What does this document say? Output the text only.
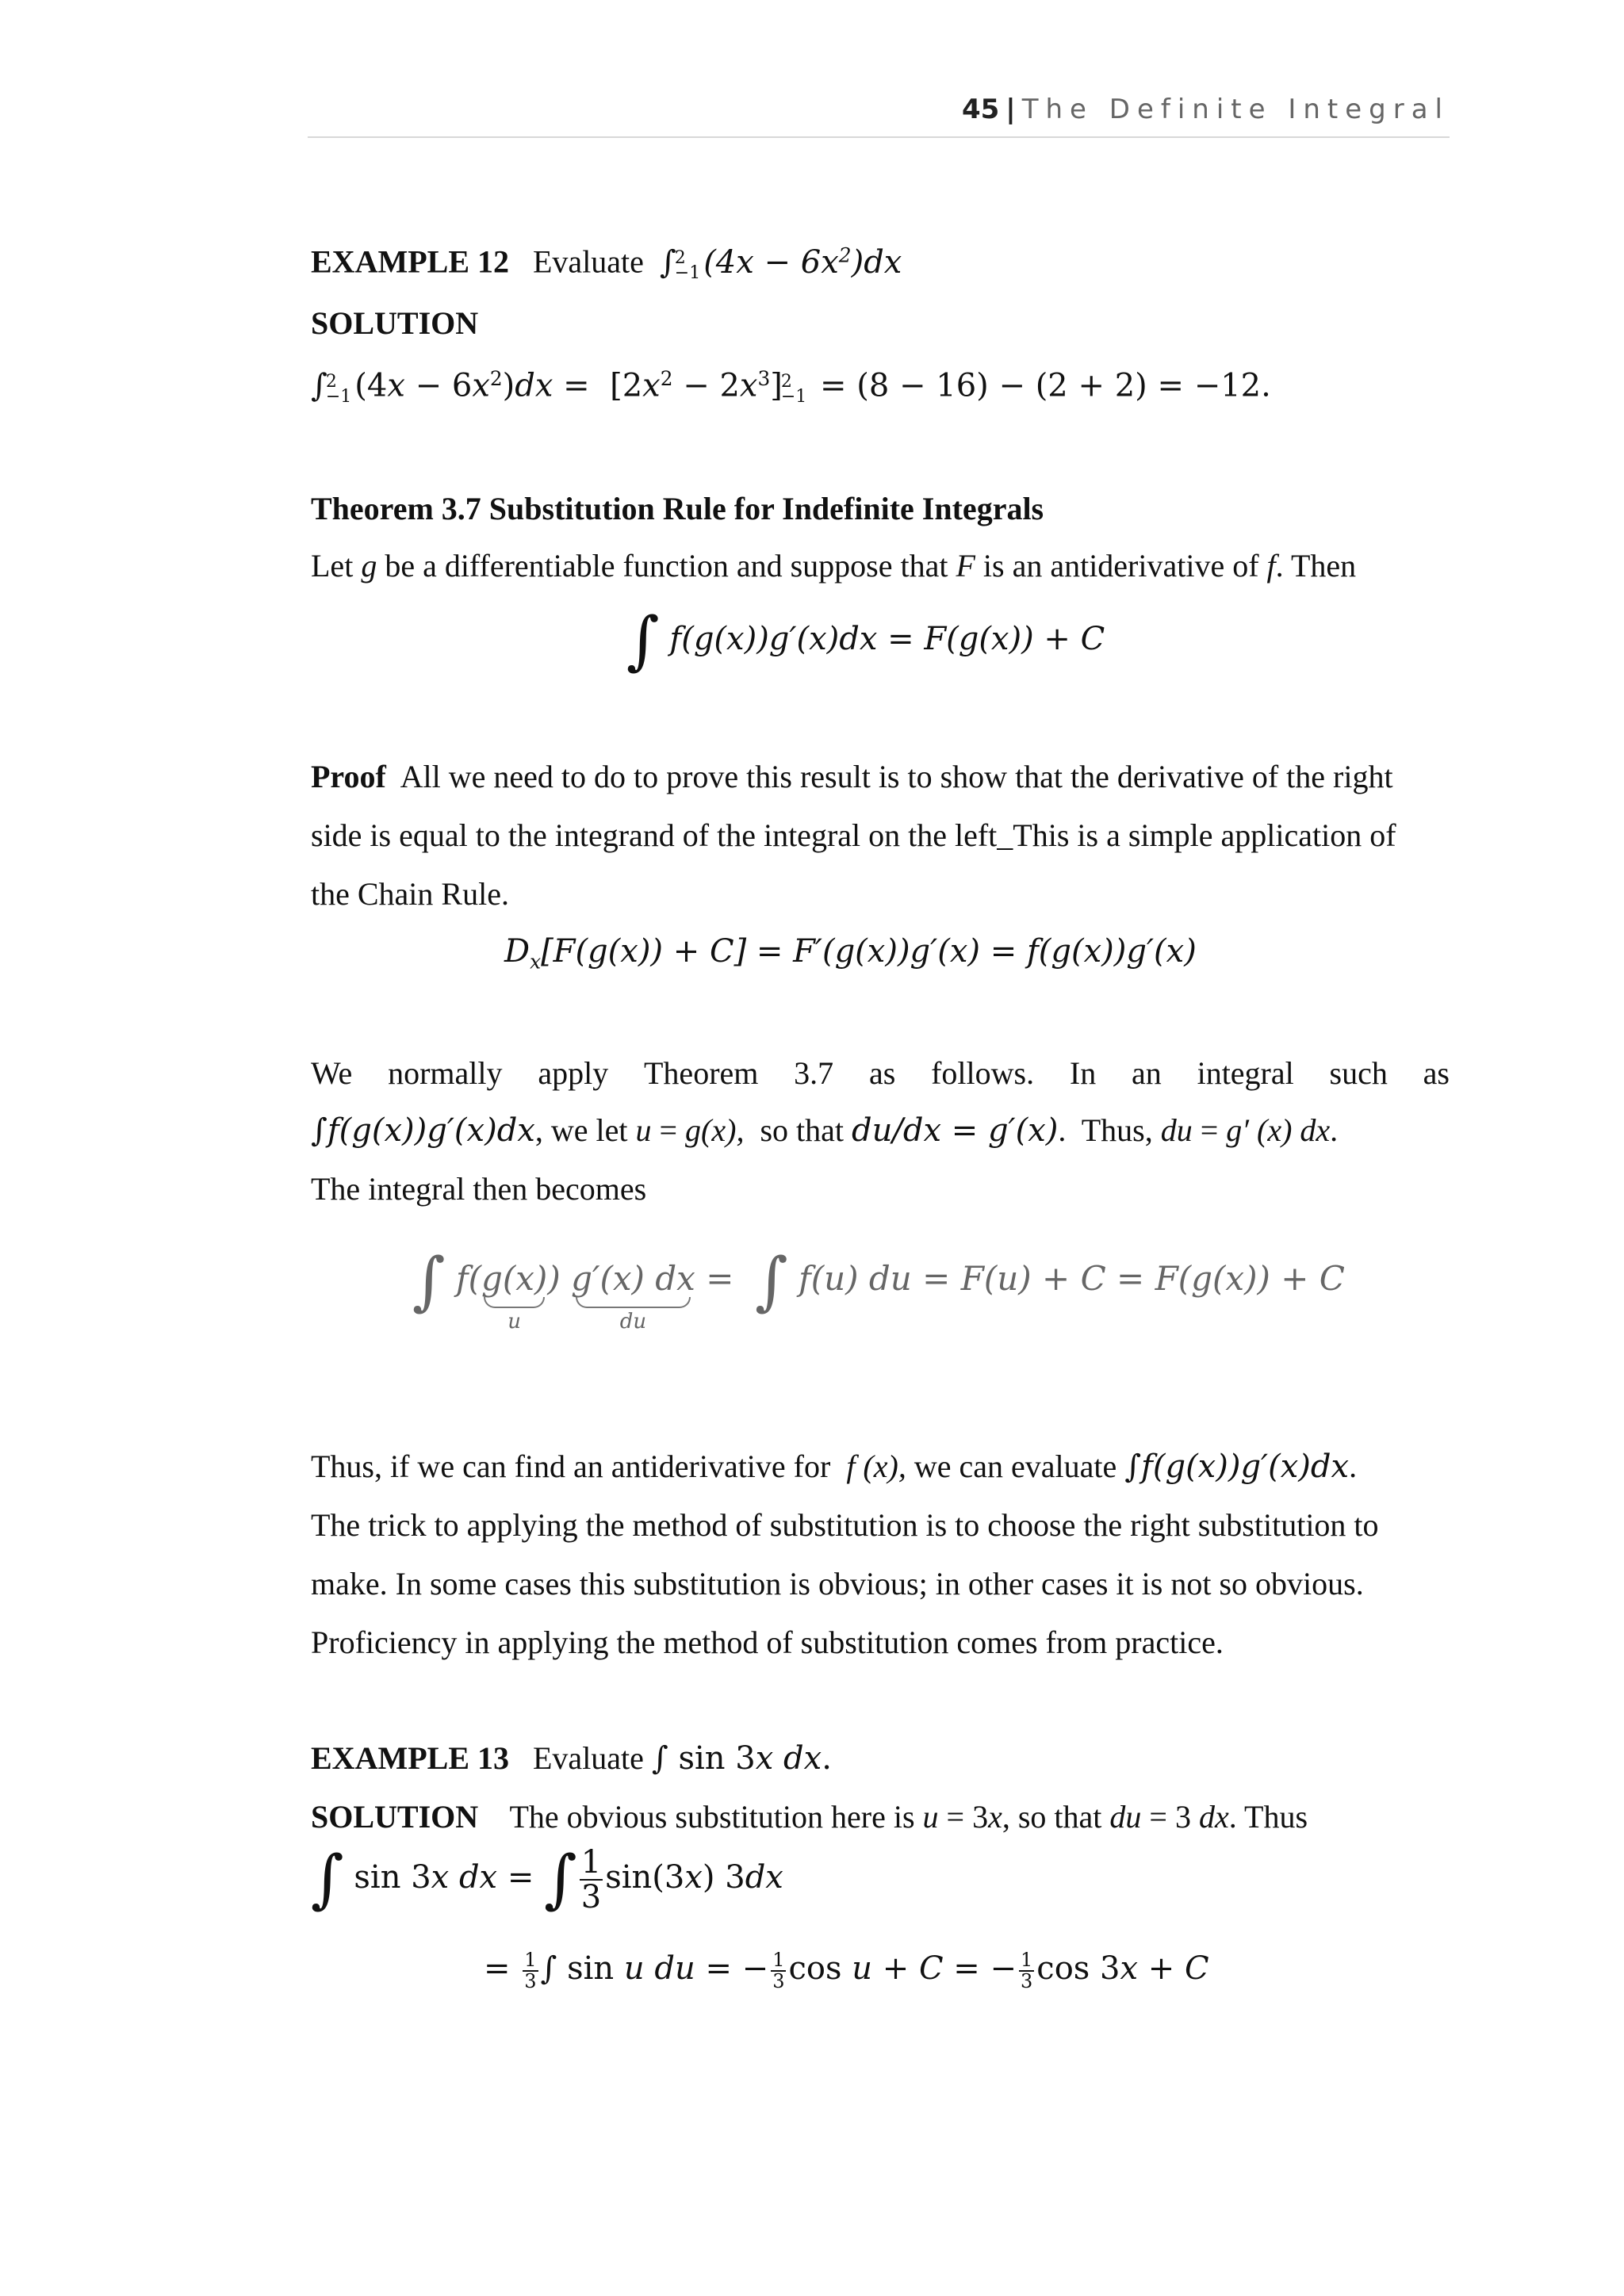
45 | The Definite Integral
EXAMPLE 12 Evaluate ∫
2
−1 $(4x - 6x^2)dx$
SOLUTION
∫
2
−1 $(4x - 6x^2)dx = [2x^2 - 2x^3]$
2
−1 = (8 − 16) − (2 + 2) = −12.
Theorem 3.7 Substitution Rule for Indefinite Integrals
Let g be a differentiable function and suppose that F is an antiderivative of f. Then
∫ f(g(x))g′(x)dx = F(g(x)) + C
Proof All we need to do to prove this result is to show that the derivative of the right
side is equal to the integrand of the integral on the left_This is a simple application of
the Chain Rule.
$D_x[F(g(x)) + C] = F'(g(x))g'(x) = f(g(x))g'(x)$
We normally apply Theorem 3.7 as follows. In an integral such as
∫f(g(x))g′(x)dx, we let u = g(x),  so that du/dx = g′(x).  Thus, du = g′ (x) dx.
The integral then becomes
∫ f(g(x)
u
) g′(x) dx
du
=  ∫ f(u) du = F(u) + C = F(g(x)) + C
Thus, if we can find an antiderivative for  f (x), we can evaluate ∫f(g(x))g′(x)dx.
The trick to applying the method of substitution is to choose the right substitution to
make. In some cases this substitution is obvious; in other cases it is not so obvious.
Proficiency in applying the method of substitution comes from practice.
EXAMPLE 13   Evaluate ∫ sin 3x dx.
SOLUTION    The obvious substitution here is u = 3x, so that du = 3 dx. Thus
∫ sin 3x dx = ∫ $\frac{1}{3} \sin(3x)$ 3dx
= $\frac{1}{3}$ ∫ sin u du = − $\frac{1}{3}$ cos u + C = − $\frac{1}{3}$ cos 3x + C
